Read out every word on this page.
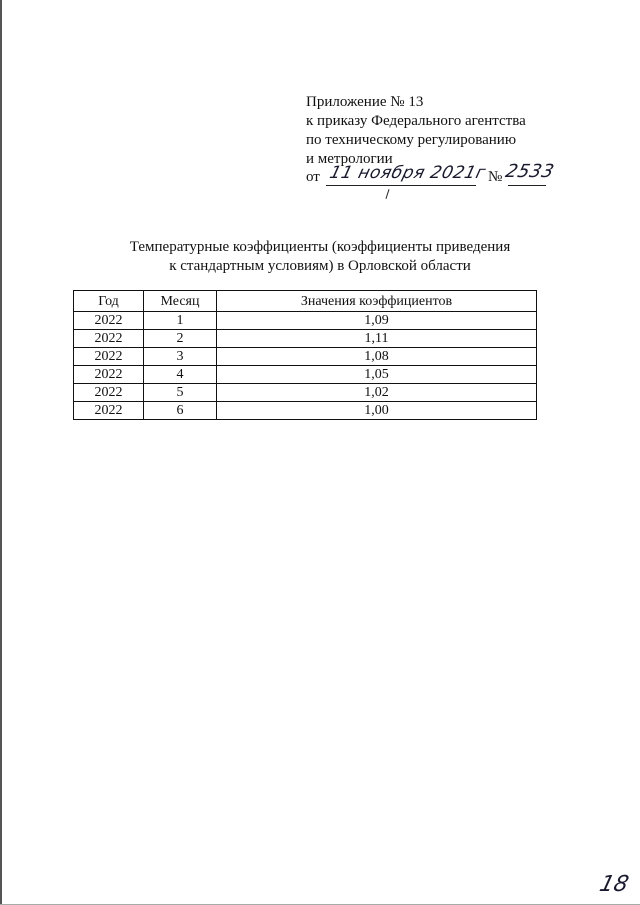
Приложение № 13
к приказу Федерального агентства
по техническому регулированию
и метрологии
от 11 ноября 2021г № 2533
Температурные коэффициенты (коэффициенты приведения
к стандартным условиям) в Орловской области
Год	Месяц	Значения коэффициентов
2022	1	1,09
2022	2	1,11
2022	3	1,08
2022	4	1,05
2022	5	1,02
2022	6	1,00
18
